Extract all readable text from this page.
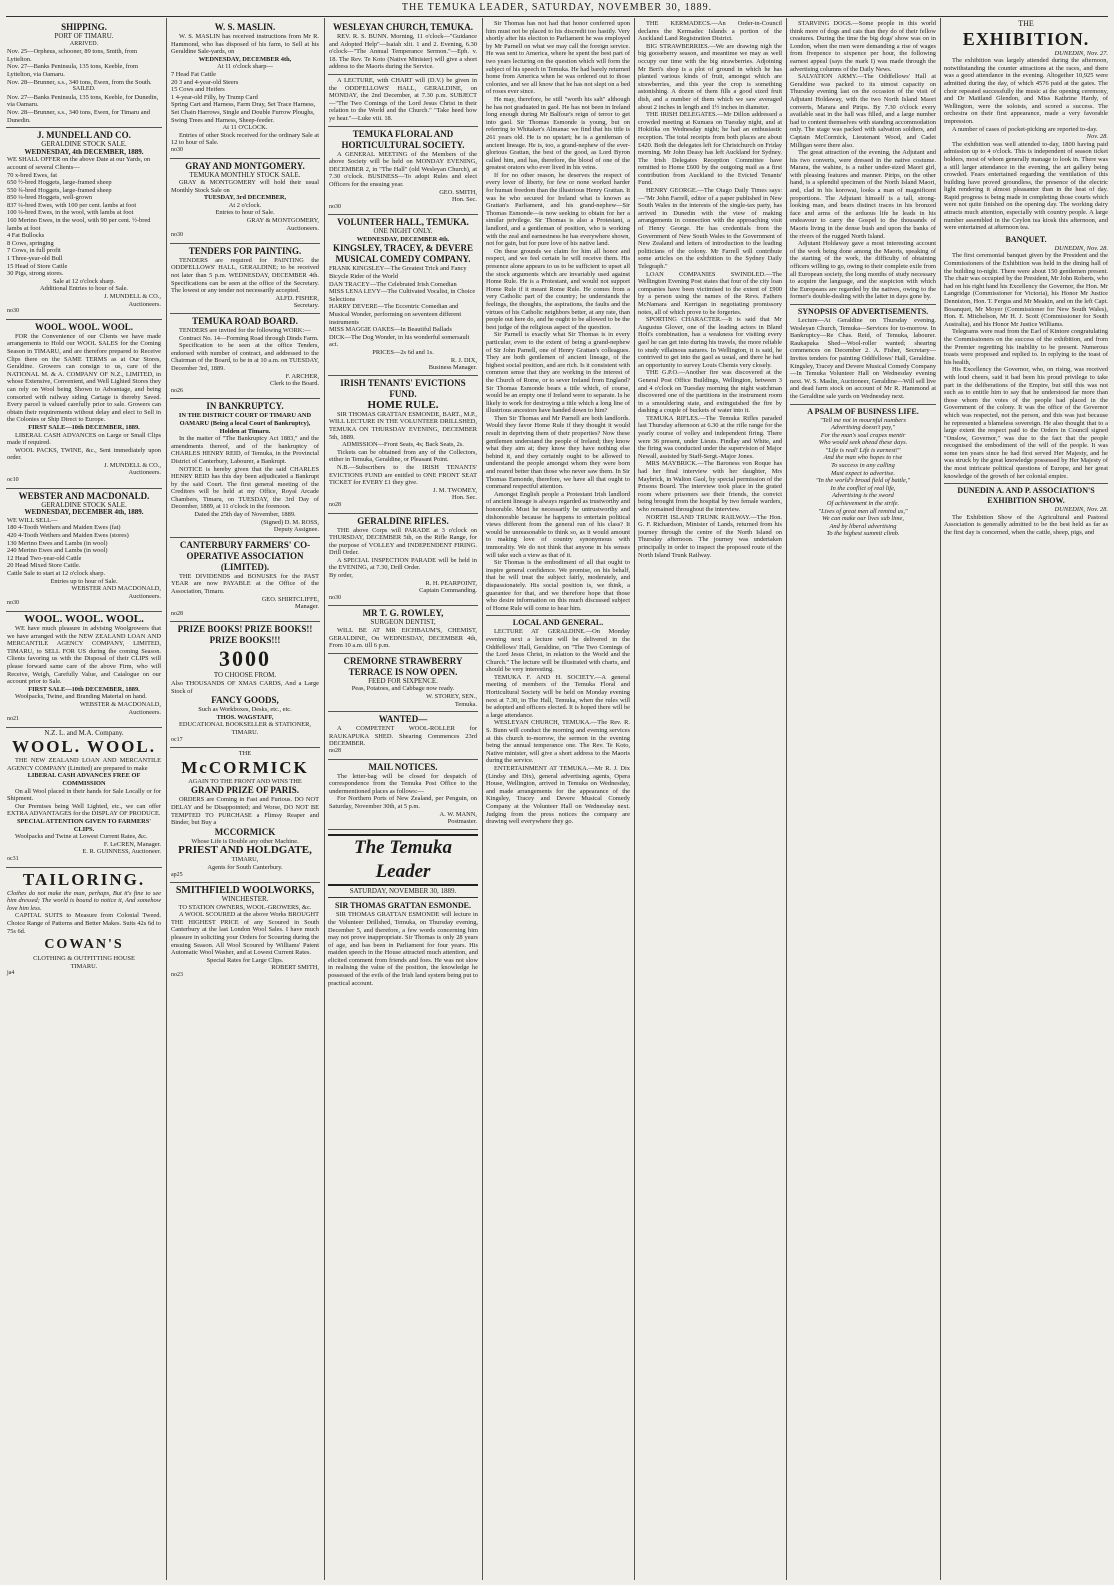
THE TEMUKA LEADER, SATURDAY, NOVEMBER 30, 1889.
SHIPPING.
PORT OF TIMARU.
ARRIVED.

Nov. 25—Orpheus, schooner, 89 tons, Smith, from Lyttelton.

Nov. 27—Banks Peninsula, 135 tons, Keeble, from Lyttelton, via Oamaru.

Nov. 28—Brunner, s.s., 340 tons, Ewen, from the South.

SAILED.

Nov. 27—Banks Peninsula, 135 tons, Keeble, for Dunedin, via Oamaru.

Nov. 28—Brunner, s.s., 340 tons, Ewen, for Timaru and Dunedin.

J. MUNDELL AND CO.
GERALDINE STOCK SALE.
WEDNESDAY, 4th DECEMBER, 1889.

WE SHALL OFFER on the above Date at our Yards, on account of several Clients—

70 x-bred Ewes, fat

650 ½-bred Hoggets, large-framed sheep

550 ¾-bred Hoggets, large-framed sheep

850 ¼-bred Hoggets, well-grown

837 ¼-bred Ewes, with 100 per cent. lambs at foot

100 ¼-bred Ewes, in the wool, with lambs at foot

160 Merino Ewes, in the wool, with 90 per cent. ½-bred lambs at foot

4 Fat Bullocks

8 Cows, springing

7 Cows, in full profit

1 Three-year-old Bull

15 Head of Store Cattle

30 Pigs, strong stores.

Sale at 12 o'clock sharp.

Additional Entries to hour of Sale.

J. MUNDELL & CO.,
Auctioneers.
no30
WOOL. WOOL. WOOL.

FOR the Convenience of our Clients we have made arrangements to Hold our WOOL SALES for the Coming Season in TIMARU, and are therefore prepared to Receive Clips there on the SAME TERMS as at Our Stores, Geraldine. Growers can consign to us, care of the NATIONAL M. & A. COMPANY OF N.Z., LIMITED, in whose Extensive, Convenient, and Well Lighted Stores they can rely on Wool being Shown to Advantage, and being consorted with railway siding Cartage is thereby Saved. Every parcel is valued carefully prior to sale. Growers can obtain their requirements without delay and elect to Sell in the Colonies or Ship Direct to Europe.

FIRST SALE—10th DECEMBER, 1889.

LIBERAL CASH ADVANCES on Large or Small Clips made if required.

WOOL PACKS, TWINE, &c., Sent immediately upon order.

J. MUNDELL & CO.,
Auctioneers.
oc10
WEBSTER AND MACDONALD.
GERALDINE STOCK SALE.
WEDNESDAY, DECEMBER 4th, 1889.

WE WILL SELL—

180 4-Tooth Wethers and Maiden Ewes (fat)

420 4-Tooth Wethers and Maiden Ewes (stores)

130 Merino Ewes and Lambs (in wool)

240 Merino Ewes and Lambs (in wool)

12 Head Two-year-old Cattle

20 Head Mixed Store Cattle.

Cattle Sale to start at 12 o'clock sharp.

Entries up to hour of Sale.

WEBSTER AND MACDONALD,
Auctioneers.
no30
WOOL. WOOL. WOOL.

WE have much pleasure in advising Woolgrowers that we have arranged with the NEW ZEALAND LOAN AND MERCANTILE AGENCY COMPANY, LIMITED, TIMARU, to SELL FOR US during the coming Season. Clients favoring us with the Disposal of their CLIPS will please forward same care of the above Firm, who will Receive, Weigh, Carefully Value, and Catalogue on our account prior to Sale.

FIRST SALE—10th DECEMBER, 1889.

Woolpacks, Twine, and Branding Material on hand.

WEBSTER & MACDONALD,
Auctioneers.
no21
N.Z. L. and M.A. Company.
WOOL. WOOL.

THE NEW ZEALAND LOAN AND MERCANTILE AGENCY COMPANY (Limited) are prepared to make

LIBERAL CASH ADVANCES FREE OF COMMISSION

On all Wool placed in their hands for Sale Locally or for Shipment.

Our Premises being Well Lighted, etc., we can offer EXTRA ADVANTAGES for the DISPLAY OF PRODUCE.

SPECIAL ATTENTION GIVEN TO FARMERS' CLIPS.

Woolpacks and Twine at Lowest Current Rates, &c.

F. LeCREN, Manager.
E. R. GUINNESS, Auctioneer.
oc31
TAILORING.

Clothes do not make the man, perhaps, But it's fine to see him dressed; The world is bound to notice it, And somehow love him less.

CAPITAL SUITS to Measure from Colonial Tweed. Choice Range of Patterns and Better Makes. Suits 42s 6d to 75s 6d.

COWAN'S
CLOTHING & OUTFITTING HOUSE
TIMARU.
ja4
W. S. MASLIN.

W. S. MASLIN has received instructions from Mr R. Hammond, who has disposed of his farm, to Sell at his Geraldine Sale-yards, on

WEDNESDAY, DECEMBER 4th,
At 11 o'clock sharp—

7 Head Fat Cattle

20 3 and 4-year-old Steers

15 Cows and Heifers

1 4-year-old Filly, by Trump Card

Spring Cart and Harness, Farm Dray, Set Trace Harness, Set Chain Harrows, Single and Double Furrow Ploughs, Swing Trees and Harness, Sheep-feeder.

At 11 O'CLOCK.

Entries of other Stock received for the ordinary Sale at 12 to hour of Sale.

no30
GRAY AND MONTGOMERY.
TEMUKA MONTHLY STOCK SALE.

GRAY & MONTGOMERY will hold their usual Monthly Stock Sale on

TUESDAY, 3rd DECEMBER,
At 2 o'clock.
Entries to hour of Sale.
GRAY & MONTGOMERY,
Auctioneers.
no30
TENDERS FOR PAINTING.

TENDERS are required for PAINTING the ODDFELLOWS' HALL, GERALDINE; to be received not later than 5 p.m. WEDNESDAY, DECEMBER 4th. Specifications can be seen at the office of the Secretary. The lowest or any tender not necessarily accepted.

ALFD. FISHER,
Secretary.
TEMUKA ROAD BOARD.

TENDERS are invited for the following WORK:—

Contract No. 14—Forming Road through Dinds Farm.

Specification to be seen at the office Tenders, endorsed with number of contract, and addressed to the Chairman of the Board, to be in at 10 a.m. on TUESDAY, December 3rd, 1889.

F. ARCHER,
Clerk to the Board.
no26
IN BANKRUPTCY.
IN THE DISTRICT COURT OF TIMARU AND OAMARU (Being a local Court of Bankruptcy), Holden at Timaru.

In the matter of "The Bankruptcy Act 1883," and the amendments thereof, and of the bankruptcy of CHARLES HENRY REID, of Temuka, in the Provincial District of Canterbury, Labourer, a Bankrupt.

NOTICE is hereby given that the said CHARLES HENRY REID has this day been adjudicated a Bankrupt by the said Court. The first general meeting of the Creditors will be held at my Office, Royal Arcade Chambers, Timaru, on TUESDAY, the 3rd Day of December, 1889, at 11 o'clock in the forenoon.

Dated the 25th day of November, 1889.
(Signed) D. M. ROSS,
Deputy Assignee.
CANTERBURY FARMERS' CO-OPERATIVE ASSOCIATION (LIMITED).

THE DIVIDENDS and BONUSES for the PAST YEAR are now PAYABLE at the Office of the Association, Timaru.

GEO. SHIRTCLIFFE,
Manager.
no28
PRIZE BOOKS! PRIZE BOOKS!! PRIZE BOOKS!!!
3000
TO CHOOSE FROM.

Also THOUSANDS OF XMAS CARDS, And a Large Stock of

FANCY GOODS,
Such as Workboxes, Desks, etc., etc.
THOS. WAGSTAFF,
EDUCATIONAL BOOKSELLER & STATIONER, TIMARU.
oc17
THE
McCORMICK
AGAIN TO THE FRONT AND WINS THE
GRAND PRIZE OF PARIS.

ORDERS are Coming in Fast and Furious. DO NOT DELAY and be Disappointed; and Worse, DO NOT BE TEMPTED TO PURCHASE a Flimsy Reaper and Binder, but Buy a

MCCORMICK
Whose Life is Double any other Machine.
PRIEST AND HOLDGATE,
TIMARU,
Agents for South Canterbury.
ap25
SMITHFIELD WOOLWORKS,
WINCHESTER.
TO STATION OWNERS, WOOL-GROWERS, &c.

A WOOL SCOURED at the above Works BROUGHT THE HIGHEST PRICE of any Scoured in South Canterbury at the last London Wool Sales. I have much pleasure in soliciting your Orders for Scouring during the ensuing Season. All Wool Scoured by Williams' Patent Automatic Wool Washer, and at Lowest Current Rates.

Special Rates for Large Clips.
ROBERT SMITH,
no23
WESLEYAN CHURCH, TEMUKA.

REV. R. S. BUNN. Morning, 11 o'clock—"Guidance and Adopted Help"—Isaiah xlii. 1 and 2. Evening, 6.30 o'clock—"The Annual Temperance Sermon."—Eph. v. 18. The Rev. Te Koto (Native Minister) will give a short address to the Maoris during the Service.

A LECTURE, with CHART will (D.V.) be given in the ODDFELLOWS' HALL, GERALDINE, on MONDAY, the 2nd December, at 7.30 p.m. SUBJECT—"The Two Comings of the Lord Jesus Christ in their relation to the World and the Church." "Take heed how ye hear."—Luke viii. 18.

TEMUKA FLORAL AND HORTICULTURAL SOCIETY.

A GENERAL MEETING of the Members of the above Society will be held on MONDAY EVENING, DECEMBER 2, in "The Hall" (old Wesleyan Church), at 7.30 o'clock. BUSINESS—To adopt Rules and elect Officers for the ensuing year.

GEO. SMITH,
Hon. Sec.
no30
VOLUNTEER HALL, TEMUKA.
ONE NIGHT ONLY.
WEDNESDAY, DECEMBER 4th.
KINGSLEY, TRACEY, & DEVERE MUSICAL COMEDY COMPANY.

FRANK KINGSLEY—The Greatest Trick and Fancy Bicycle Rider of the World

DAN TRACEY—The Celebrated Irish Comedian

MISS LENA LEVY—The Cultivated Vocalist, in Choice Selections

HARRY DEVERE—The Eccentric Comedian and Musical Wonder, performing on seventeen different instruments

MISS MAGGIE OAKES—In Beautiful Ballads

DICK—The Dog Wonder, in his wonderful somersault act.

PRICES—2s 6d and 1s.
R. J. DIX,
Business Manager.
IRISH TENANTS' EVICTIONS FUND.
HOME RULE.

SIR THOMAS GRATTAN ESMONDE, BART., M.P., WILL LECTURE IN THE VOLUNTEER DRILLSHED, TEMUKA ON THURSDAY EVENING, DECEMBER 5th, 1889.

ADMISSION—Front Seats, 4s; Back Seats, 2s.

Tickets can be obtained from any of the Collectors, either in Temuka, Geraldine, or Pleasant Point.

N.B.—Subscribers to the IRISH TENANTS' EVICTIONS FUND are entitled to ONE FRONT SEAT TICKET for EVERY £1 they give.

J. M. TWOMEY,
Hon. Sec.
no28
GERALDINE RIFLES.

THE above Corps will PARADE at 3 o'clock on THURSDAY, DECEMBER 5th, on the Rifle Range, for the purpose of VOLLEY and INDEPENDENT FIRING. Drill Order.

A SPECIAL INSPECTION PARADE will be held in the EVENING, at 7.30, Drill Order.

By order,
R. H. PEARPOINT,
Captain Commanding.
no30
MR T. G. ROWLEY,
SURGEON DENTIST,

WILL BE AT MR EICHBAUM'S, CHEMIST, GERALDINE, On WEDNESDAY, DECEMBER 4th, From 10 a.m. till 6 p.m.

CREMORNE STRAWBERRY TERRACE IS NOW OPEN.
FEED FOR SIXPENCE.
Peas, Potatoes, and Cabbage now ready.
W. STOREY, SEN.,
Temuka.
WANTED—

A COMPETENT WOOL-ROLLER for RAUKAPUKA SHED. Shearing Commences 23rd DECEMBER.

no28
MAIL NOTICES.

The letter-bag will be closed for despatch of correspondence from the Temuka Post Office to the undermentioned places as follows:—

For Northern Ports of New Zealand, per Penguin, on Saturday, November 30th, at 5 p.m.

A. W. MANN,
Postmaster.
The Temuka Leader
SATURDAY, NOVEMBER 30, 1889.
SIR THOMAS GRATTAN ESMONDE.

SIR THOMAS GRATTAN ESMONDE will lecture in the Volunteer Drillshed, Temuka, on Thursday evening, December 5, and therefore, a few words concerning him may not prove inappropriate. Sir Thomas is only 28 years of age, and has been in Parliament for four years. His maiden speech in the House attracted much attention, and elicited comment from friends and foes. He was not slow in realising the value of the position, the knowledge he possessed of the evils of the Irish land system being put to practical account.

Sir Thomas has not had that honor conferred upon him must not be placed to his discredit too hastily. Very shortly after his election to Parliament he was employed by Mr Parnell on what we may call the foreign service. He was sent to America, where he spent the best part of two years lecturing on the question which will form the subject of his speech in Temuka. He had barely returned home from America when he was ordered out to those colonies, and we all know that he has not slept on a bed of roses ever since.

He may, therefore, be still "worth his salt" although he has not graduated in gaol. He has not been in Ireland long enough during Mr Balfour's reign of terror to get into gaol. Sir Thomas Esmonde is young, but on referring to Whitaker's Almanac we find that his title is 261 years old. He is no upstart; he is a gentleman of ancient lineage. He is, too, a grand-nephew of the ever-glorious Grattan, the best of the good, as Lord Byron called him, and has, therefore, the blood of one of the greatest orators who ever lived in his veins.

If for no other reason, he deserves the respect of every lover of liberty, for few or none worked harder for human freedom than the illustrious Henry Grattan. It was he who secured for Ireland what is known as Grattan's Parliament, and his grand-nephew—Sir Thomas Esmonde—is now seeking to obtain for her a similar privilege. Sir Thomas is also a Protestant, a landlord, and a gentleman of position, who is working with the zeal and earnestness he has everywhere shown, not for gain, but for pure love of his native land.

On these grounds we claim for him all honor and respect, and we feel certain he will receive them. His presence alone appears to us to be sufficient to upset all the stock arguments which are invariably used against Home Rule. He is a Protestant, and would not support Home Rule if it meant Rome Rule. He comes from a very Catholic part of the country; he understands the feelings, the thoughts, the aspirations, the faults and the virtues of his Catholic neighbors better, at any rate, than people out here do, and he ought to be allowed to be the best judge of the religious aspect of the question.

Sir Parnell is exactly what Sir Thomas is in every particular, even to the extent of being a grand-nephew of Sir John Parnell, one of Henry Grattan's colleagues. They are both gentlemen of ancient lineage, of the highest social position, and are rich. Is it consistent with common sense that they are working in the interest of the Church of Rome, or to sever Ireland from England? Sir Thomas Esmonde bears a title which, of course, would be an empty one if Ireland were to separate. Is he likely to work for destroying a title which a long line of illustrious ancestors have handed down to him?

Then Sir Thomas and Mr Parnell are both landlords. Would they favor Home Rule if they thought it would result in depriving them of their properties? Now these gentlemen understand the people of Ireland; they know what they aim at; they know they have nothing else behind it, and they certainly ought to be allowed to understand the people amongst whom they were born and reared better than those who never saw them. In Sir Thomas Esmonde, therefore, we have all that ought to command respectful attention.

Amongst English people a Protestant Irish landlord of ancient lineage is always regarded as trustworthy and honorable. Must he necessarily be untrustworthy and dishonorable because he happens to entertain political views different from the general run of his class? It would be unreasonable to think so, as it would amount to making love of country synonymous with immorality. We do not think that anyone in his senses will take such a view as that of it.

Sir Thomas is the embodiment of all that ought to inspire general confidence. We promise, on his behalf, that he will treat the subject fairly, moderately, and dispassionately. His social position is, we think, a guarantee for that, and we therefore hope that those who desire information on this much discussed subject of Home Rule will come to hear him.

LOCAL AND GENERAL.

LECTURE AT GERALDINE.—On Monday evening next a lecture will be delivered in the Oddfellows' Hall, Geraldine, on "The Two Comings of the Lord Jesus Christ, in relation to the World and the Church." The lecture will be illustrated with charts, and should be very interesting.

TEMUKA F. AND H. SOCIETY.—A general meeting of members of the Temuka Floral and Horticultural Society will be held on Monday evening next at 7.30, in The Hall, Temuka, when the rules will be adopted and officers elected. It is hoped there will be a large attendance.

WESLEYAN CHURCH, TEMUKA.—The Rev. R. S. Bunn will conduct the morning and evening services at this church to-morrow, the sermon in the evening being the annual temperance one. The Rev. Te Koto, Native minister, will give a short address to the Maoris during the service.

ENTERTAINMENT AT TEMUKA.—Mr R. J. Dix (Lindsy and Dix), general advertising agents, Opera House, Wellington, arrived in Temuka on Wednesday, and made arrangements for the appearance of the Kingsley, Tracey and Devere Musical Comedy Company at the Volunteer Hall on Wednesday next. Judging from the press notices the company are drawing well everywhere they go.

THE KERMADECS.—An Order-in-Council declares the Kermadec Islands a portion of the Auckland Land Registration District.

BIG STRAWBERRIES.—We are drawing nigh the big gooseberry season, and meantime we may as well occupy our time with the big strawberries. Adjoining Mr Beri's shop is a plot of ground in which he has planted various kinds of fruit, amongst which are strawberries, and this year the crop is something astonishing. A dozen of them fills a good sized fruit dish, and a number of them which we saw averaged about 2 inches in length and 1½ inches in diameter.

THE IRISH DELEGATES.—Mr Dillon addressed a crowded meeting at Kumara on Tuesday night, and at Hokitika on Wednesday night; he had an enthusiastic reception. The total receipts from both places are about £420. Both the delegates left for Christchurch on Friday morning. Mr John Deasy has left Auckland for Sydney. The Irish Delegates Reception Committee have remitted to Home £600 by the outgoing mail as a first contribution from Auckland to the Evicted Tenants' Fund.

HENRY GEORGE.—The Otago Daily Times says:—"Mr John Farrell, editor of a paper published in New South Wales in the interests of the single-tax party, has arrived in Dunedin with the view of making arrangements in connection with the approaching visit of Henry George. He has credentials from the Government of New South Wales to the Government of New Zealand and letters of introduction to the leading politicians of the colony. Mr Farrell will contribute some articles on the exhibition to the Sydney Daily Telegraph."

LOAN COMPANIES SWINDLED.—The Wellington Evening Post states that four of the city loan companies have been victimised to the extent of £900 by a person using the names of the Revs. Fathers McNamara and Kerrigan in negotiating promissory notes, all of which prove to be forgeries.

SPORTING CHARACTER.—It is said that Mr Augustus Glover, one of the leading actors in Bland Holt's combination, has a weakness for visiting every gaol he can get into during his travels, the more reliable to study villainous natures. In Wellington, it is said, he contrived to get into the gaol as usual, and there he had an opportunity to survey Louis Chemis very closely.

THE G.P.O.—Another fire was discovered at the General Post Office Buildings, Wellington, between 3 and 4 o'clock on Tuesday morning the night watchman discovered one of the partitions in the instrument room in a smouldering state, and extinguished the fire by dashing a couple of buckets of water into it.

TEMUKA RIFLES.—The Temuka Rifles paraded last Thursday afternoon at 6.30 at the rifle range for the yearly course of volley and independent firing. There were 36 present, under Lieuts. Findlay and White, and the firing was conducted under the supervision of Major Newall, assisted by Staff-Sergt.-Major Jones.

MRS MAYBRICK.—The Baroness von Roque has had her final interview with her daughter, Mrs Maybrick, in Walton Gaol, by special permission of the Prisons Board. The interview took place in the grated room where prisoners see their friends, the convict being brought from the hospital by two female warders, who remained throughout the interview.

NORTH ISLAND TRUNK RAILWAY.—The Hon. G. F. Richardson, Minister of Lands, returned from his journey through the centre of the North Island on Thursday afternoon. The journey was undertaken principally in order to inspect the proposed route of the North Island Trunk Railway.

STARVING DOGS.—Some people in this world think more of dogs and cats than they do of their fellow creatures. During the time the big dogs' show was on in London, when the men were demanding a rise of wages from fivepence to sixpence per hour, the following earnest appeal (says the mark I) was made through the advertising columns of the Daily News.

SALVATION ARMY.—The Oddfellows' Hall at Geraldine was packed to its utmost capacity on Thursday evening last on the occasion of the visit of Adjutant Holdaway, with the two North Island Maori converts, Marara and Pirips. By 7.30 o'clock every available seat in the hall was filled, and a large number had to content themselves with standing accommodation only. The stage was packed with salvation soldiers, and Captain McCormick, Lieutenant Wood, and Cadet Milligan were there also.

The great attraction of the evening, the Adjutant and his two converts, were dressed in the native costume. Marara, the wahine, is a rather under-sized Maori girl, with pleasing features and manner. Pirips, on the other hand, is a splendid specimen of the North Island Maori, and, clad in his korowai, looks a man of magnificent proportions. The Adjutant himself is a tall, strong-looking man, and bears distinct traces in his bronzed face and arms of the arduous life he leads in his endeavour to carry the Gospel to the thousands of Maoris living in the dense bush and upon the banks of the rivers of the rugged North Island.

Adjutant Holdaway gave a most interesting account of the work being done among the Maoris, speaking of the starting of the work, the difficulty of obtaining officers willing to go, owing to their complete exile from all European society, the long months of study necessary to acquire the language, and the suspicion with which the Europeans are regarded by the natives, owing to the former's double-dealing with the latter in days gone by.

SYNOPSIS OF ADVERTISEMENTS.

Lecture—At Geraldine on Thursday evening. Wesleyan Church, Temuka—Services for to-morrow. In Bankruptcy—Re Chas. Reid, of Temuka, labourer. Raukapuka Shed—Wool-roller wanted; shearing commences on December 2. A. Fisher, Secretary—Invites tenders for painting Oddfellows' Hall, Geraldine. Kingsley, Tracey and Devere Musical Comedy Company—In Temuka Volunteer Hall on Wednesday evening next. W. S. Maslin, Auctioneer, Geraldine—Will sell live and dead farm stock on account of Mr R. Hammond at the Geraldine sale yards on Wednesday next.

A PSALM OF BUSINESS LIFE.
"Tell me not in mournful numbers
Advertising doesn't pay,"
For the man's soul crapes mentir
Who would seek ahead these days.
"Life is real! Life is earnest!"
And the man who hopes to rise
To success in any calling
Must expect to advertise.
"In the world's broad field of battle,"
In the conflict of real life,
Advertising is the sword
Of achievement in the strife.
"Lives of great men all remind us,"
We can make our lives sub lime,
And by liberal advertising
To the highest summit climb.
THE
EXHIBITION.
DUNEDIN, Nov. 27.

The exhibition was largely attended during the afternoon, notwithstanding the counter attractions at the races, and there was a good attendance in the evening. Altogether 10,925 were admitted during the day, of which 4576 paid at the gates. The choir repeated successfully the music at the opening ceremony, and Dr Maitland Glendon, and Miss Kathrine Hardy, of Wellington, were the soloists, and scored a success. The orchestra on their first appearance, made a very favorable impression.

A number of cases of pocket-picking are reported to-day.

Nov. 28.

The exhibition was well attended to-day, 1800 having paid admission up to 4 o'clock. This is independent of season ticket holders, most of whom generally manage to look in. There was a still larger attendance in the evening, the art gallery being crowded. Fears entertained regarding the ventilation of this building have proved groundless, the presence of the electric light rendering it almost pleasanter than in the heat of day. Rapid progress is being made in completing those courts which were not quite finished on the opening day. The working dairy attracts much attention, especially with country people. A large number assembled in the Ceylon tea kiosk this afternoon, and were entertained at afternoon tea.

BANQUET.
DUNEDIN, Nov. 28.

The first ceremonial banquet given by the President and the Commissioners of the Exhibition was held in the dining hall of the building to-night. There were about 150 gentlemen present. The chair was occupied by the President, Mr John Roberts, who had on his right hand his Excellency the Governor, the Hon. Mr Langridge (Commissioner for Victoria), his Honor Mr Justice Denniston, Hon. T. Fergus and Mr Meakin, and on the left Capt. Bosanquet, Mr Moyer (Commissioner for New South Wales), Hon. E. Mitchelson, Mr H. J. Scott (Commissioner for South Australia), and his Honor Mr Justice Williams.

Telegrams were read from the Earl of Kintore congratulating the Commissioners on the success of the exhibition, and from the Premier regretting his inability to be present. Numerous toasts were proposed and replied to. In replying to the toast of his health,

His Excellency the Governor, who, on rising, was received with loud cheers, said it had been his proud privilege to take part in the deliberations of the Empire, but still this was not such as to entitle him to say that he understood far more than those whom the votes of the people had placed in the Government of the colony. It was the office of the Governor which was respected, not the person, and this was just because he represented a blameless sovereign. He also thought that to a large extent the respect paid to the Orders in Council signed "Onslow, Governor," was due to the fact that the people recognised the embodiment of the will of the people. It was some ten years since he had first served Her Majesty, and he was struck by the great knowledge possessed by Her Majesty of the most intricate political questions of Europe, and her great knowledge of the growth of her colonial empire.

DUNEDIN A. AND P. ASSOCIATION'S EXHIBITION SHOW.
DUNEDIN, Nov. 28.

The Exhibition Show of the Agricultural and Pastoral Association is generally admitted to be the best held as far as the first day is concerned, when the cattle, sheep, pigs, and
